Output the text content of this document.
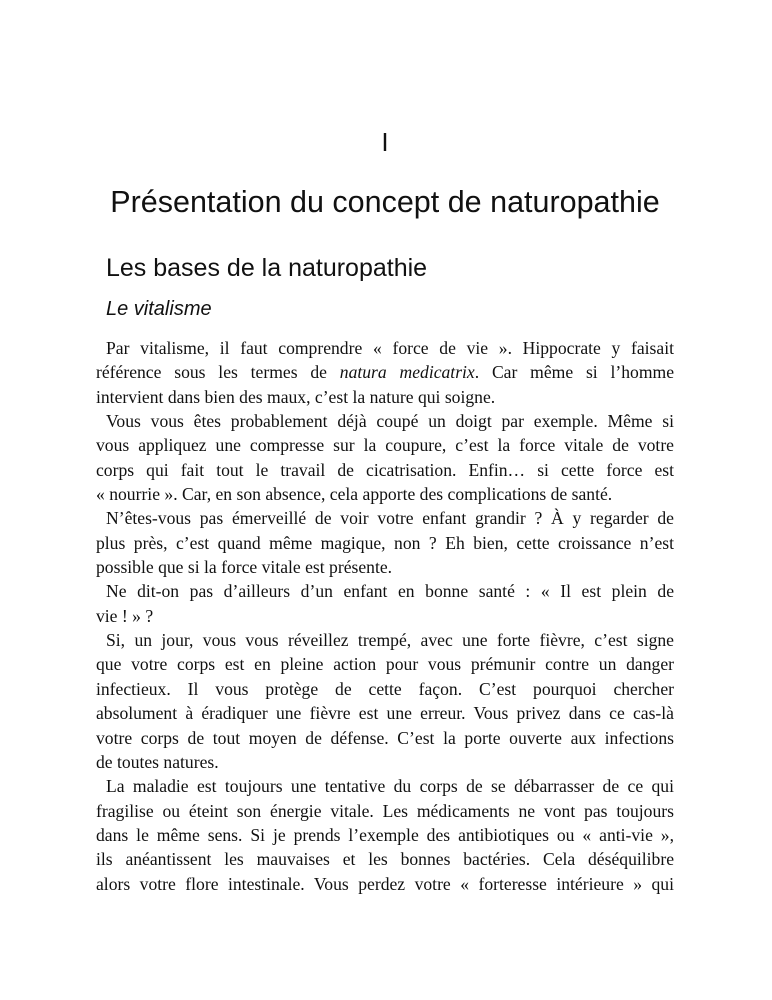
I
Présentation du concept de naturopathie
Les bases de la naturopathie
Le vitalisme
Par vitalisme, il faut comprendre « force de vie ». Hippocrate y faisait
référence sous les termes de natura medicatrix. Car même si l’homme
intervient dans bien des maux, c’est la nature qui soigne.
Vous vous êtes probablement déjà coupé un doigt par exemple. Même si
vous appliquez une compresse sur la coupure, c’est la force vitale de votre
corps qui fait tout le travail de cicatrisation. Enfin… si cette force est
« nourrie ». Car, en son absence, cela apporte des complications de santé.
N’êtes-vous pas émerveillé de voir votre enfant grandir ? À y regarder de
plus près, c’est quand même magique, non ? Eh bien, cette croissance n’est
possible que si la force vitale est présente.
Ne dit-on pas d’ailleurs d’un enfant en bonne santé : « Il est plein de
vie ! » ?
Si, un jour, vous vous réveillez trempé, avec une forte fièvre, c’est signe
que votre corps est en pleine action pour vous prémunir contre un danger
infectieux. Il vous protège de cette façon. C’est pourquoi chercher
absolument à éradiquer une fièvre est une erreur. Vous privez dans ce cas-là
votre corps de tout moyen de défense. C’est la porte ouverte aux infections
de toutes natures.
La maladie est toujours une tentative du corps de se débarrasser de ce qui
fragilise ou éteint son énergie vitale. Les médicaments ne vont pas toujours
dans le même sens. Si je prends l’exemple des antibiotiques ou « anti-vie »,
ils anéantissent les mauvaises et les bonnes bactéries. Cela déséquilibre
alors votre flore intestinale. Vous perdez votre « forteresse intérieure » qui
